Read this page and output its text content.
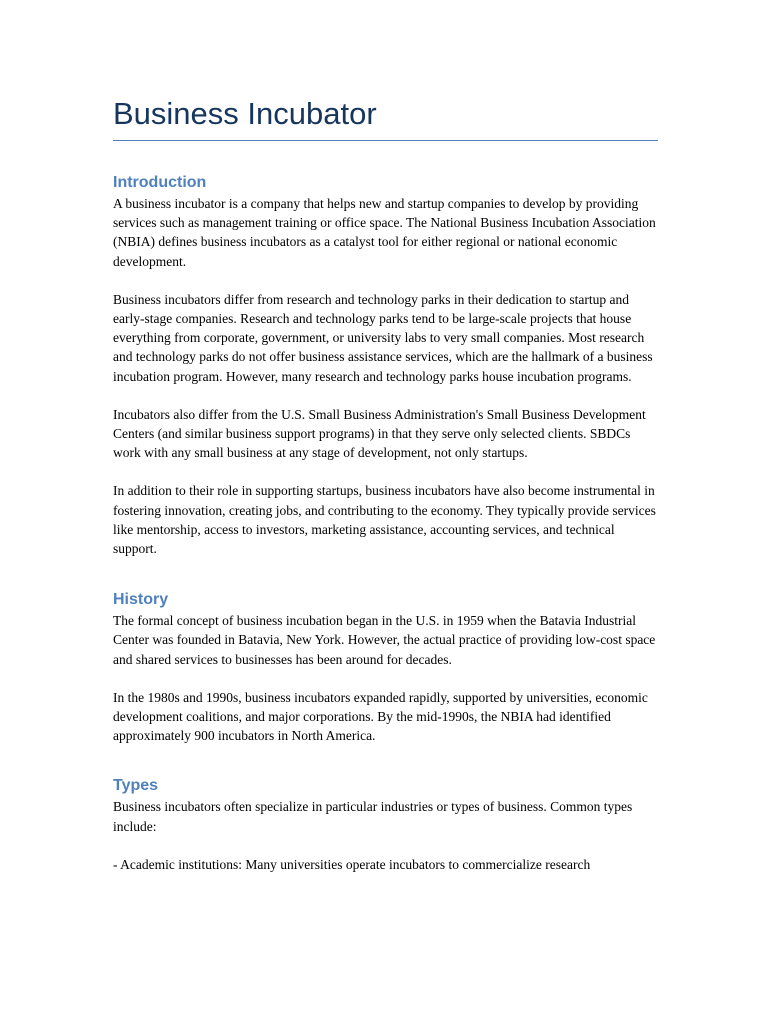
Business Incubator
Introduction

A business incubator is a company that helps new and startup companies to develop by providing services such as management training or office space. The National Business Incubation Association (NBIA) defines business incubators as a catalyst tool for either regional or national economic development.

Business incubators differ from research and technology parks in their dedication to startup and early-stage companies. Research and technology parks tend to be large-scale projects that house everything from corporate, government, or university labs to very small companies. Most research and technology parks do not offer business assistance services, which are the hallmark of a business incubation program. However, many research and technology parks house incubation programs.

Incubators also differ from the U.S. Small Business Administration's Small Business Development Centers (and similar business support programs) in that they serve only selected clients. SBDCs work with any small business at any stage of development, not only startups.

In addition to their role in supporting startups, business incubators have also become instrumental in fostering innovation, creating jobs, and contributing to the economy. They typically provide services like mentorship, access to investors, marketing assistance, accounting services, and technical support.

History

The formal concept of business incubation began in the U.S. in 1959 when the Batavia Industrial Center was founded in Batavia, New York. However, the actual practice of providing low-cost space and shared services to businesses has been around for decades.

In the 1980s and 1990s, business incubators expanded rapidly, supported by universities, economic development coalitions, and major corporations. By the mid-1990s, the NBIA had identified approximately 900 incubators in North America.

Types

Business incubators often specialize in particular industries or types of business. Common types include:

- Academic institutions: Many universities operate incubators to commercialize research
